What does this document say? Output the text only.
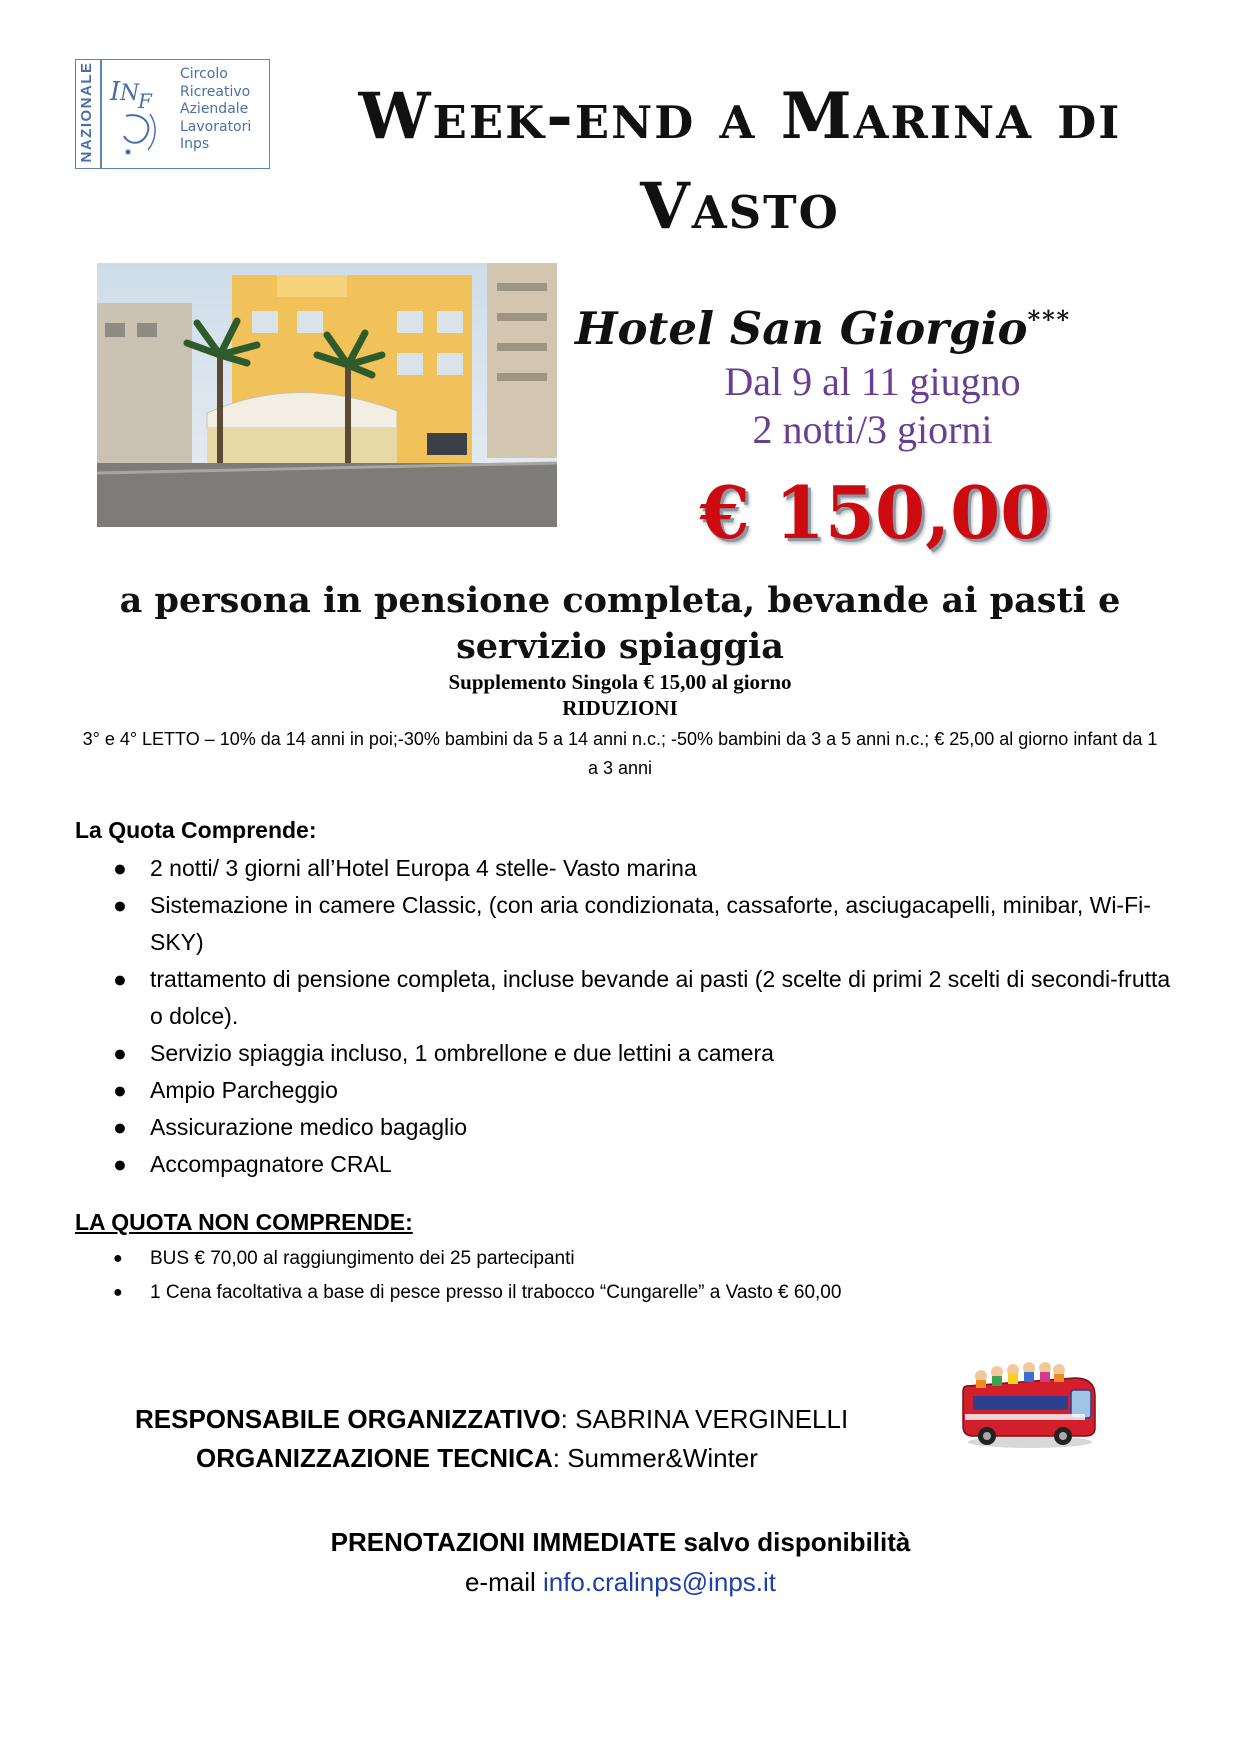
NAZIONALE I N
F
Circolo
Ricreativo
Aziendale
Lavoratori
Inps	Week-end a Marina di Vasto
Hotel San Giorgio***
Dal 9 al 11 giugno
2 notti/3 giorni
€ 150,00
a persona in pensione completa, bevande ai pasti e servizio spiaggia
Supplemento Singola € 15,00 al giorno
RIDUZIONI
3° e 4° LETTO – 10% da 14 anni in poi;-30% bambini da 5 a 14 anni n.c.; -50% bambini da 3 a 5 anni n.c.; € 25,00 al giorno infant da 1 a 3 anni
La Quota Comprende:
● 2 notti/ 3 giorni all’Hotel Europa 4 stelle- Vasto marina
● Sistemazione in camere Classic, (con aria condizionata, cassaforte, asciugacapelli, minibar, Wi-Fi-SKY)
● trattamento di pensione completa, incluse bevande ai pasti (2 scelte di primi 2 scelti di secondi-frutta o dolce).
● Servizio spiaggia incluso, 1 ombrellone e due lettini a camera
● Ampio Parcheggio
● Assicurazione medico bagaglio
● Accompagnatore CRAL
LA QUOTA NON COMPRENDE:
● BUS € 70,00 al raggiungimento dei 25 partecipanti
● 1 Cena facoltativa a base di pesce presso il trabocco “Cungarelle” a Vasto € 60,00
RESPONSABILE ORGANIZZATIVO: SABRINA VERGINELLI
ORGANIZZAZIONE TECNICA: Summer&Winter
PRENOTAZIONI IMMEDIATE salvo disponibilità
e-mail info.cralinps@inps.it
